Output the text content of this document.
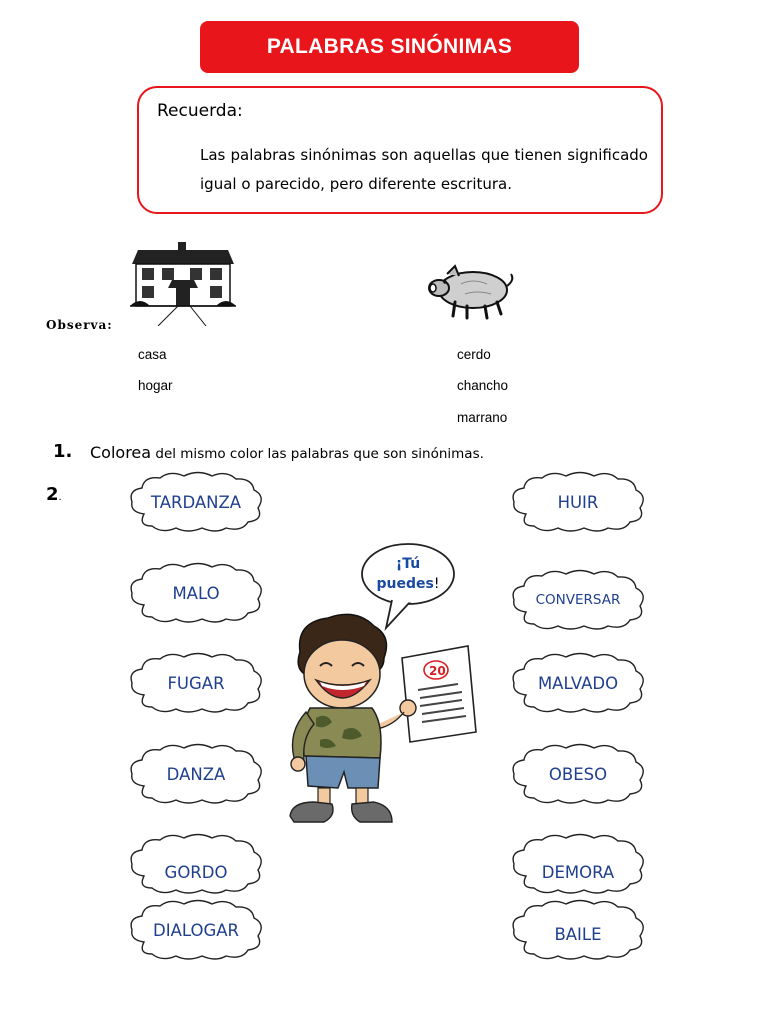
PALABRAS SINÓNIMAS
Recuerda:
Las palabras sinónimas son aquellas que tienen significado igual o parecido, pero diferente escritura.
Observa:
casa
hogar
cerdo
chancho
marrano
1. Colorea del mismo color las palabras que son sinónimas.
2.	TARDANZA
MALO
FUGAR
DANZA
GORDO
DIALOGAR
HUIR
CONVERSAR
MALVADO
OBESO
DEMORA
BAILE
¡Tú
puedes!
20
